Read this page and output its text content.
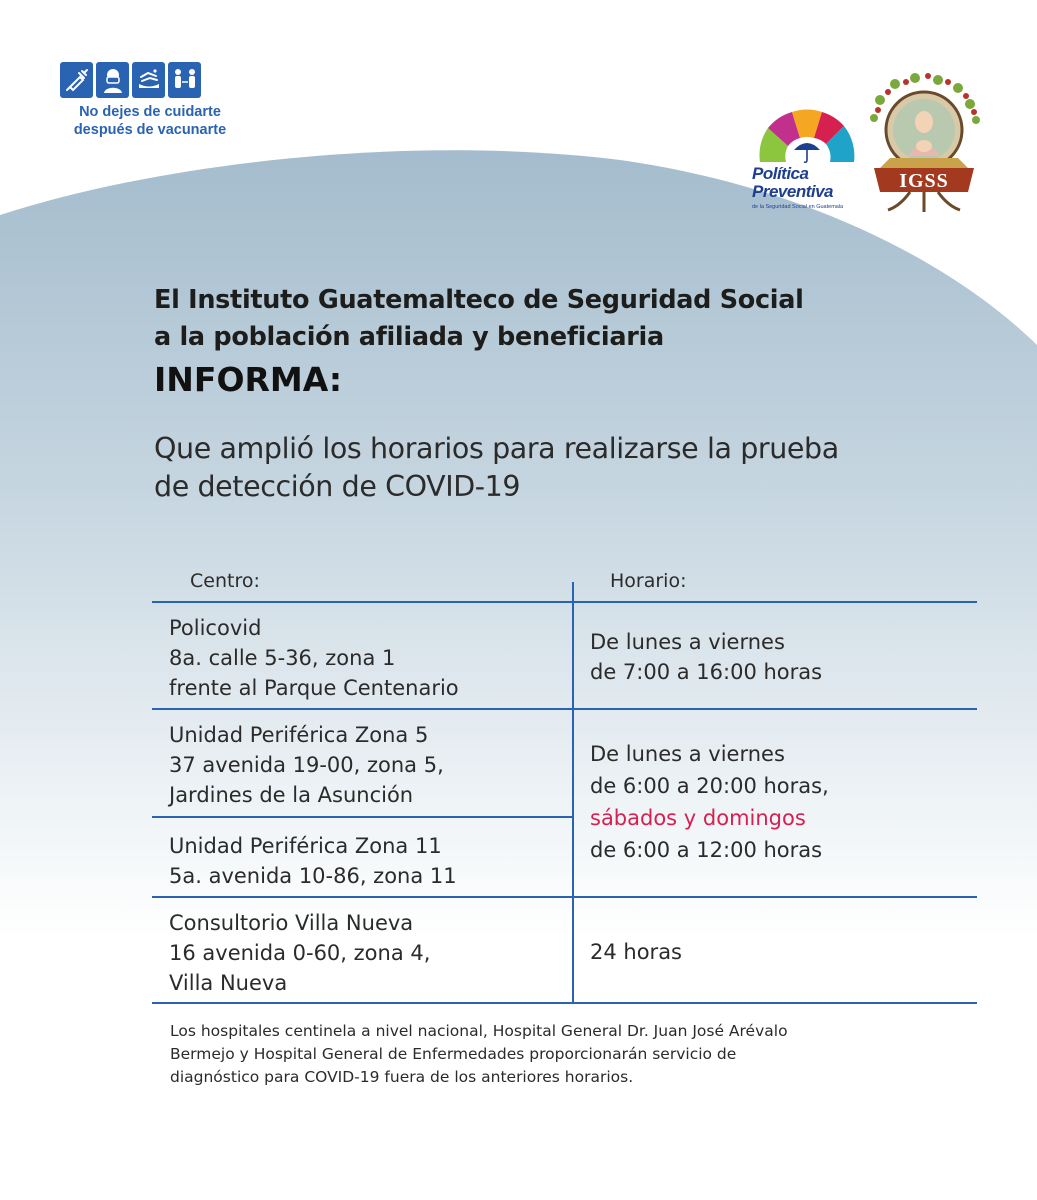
No dejes de cuidarte
después de vacunarte
Política
Preventiva
de la Seguridad Social en Guatemala
IGSS
El Instituto Guatemalteco de Seguridad Social
a la población afiliada y beneficiaria
INFORMA:
Que amplió los horarios para realizarse la prueba
de detección de COVID-19
Centro:	Horario:
Policovid
8a. calle 5-36, zona 1
frente al Parque Centenario
De lunes a viernes
de 7:00 a 16:00 horas
Unidad Periférica Zona 5
37 avenida 19-00, zona 5,
Jardines de la Asunción
Unidad Periférica Zona 11
5a. avenida 10-86, zona 11
De lunes a viernes
de 6:00 a 20:00 horas,
sábados y domingos
de 6:00 a 12:00 horas
Consultorio Villa Nueva
16 avenida 0-60, zona 4,
Villa Nueva
24 horas
Los hospitales centinela a nivel nacional, Hospital General Dr. Juan José Arévalo
Bermejo y Hospital General de Enfermedades proporcionarán servicio de
diagnóstico para COVID-19 fuera de los anteriores horarios.
